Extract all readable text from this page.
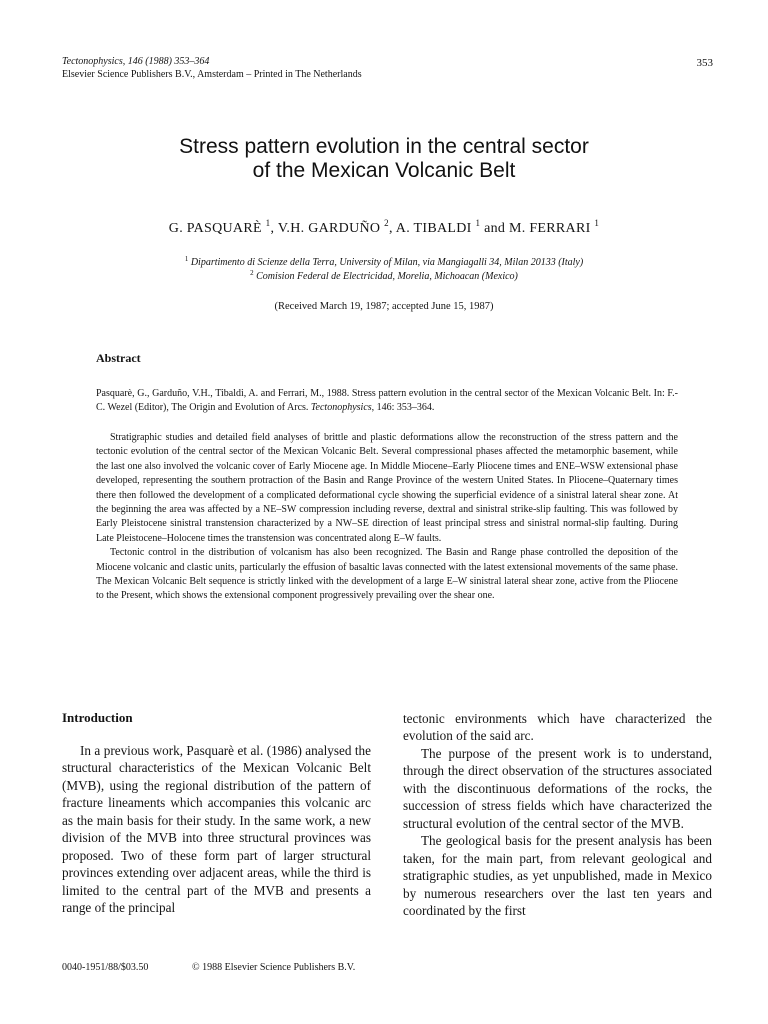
Tectonophysics, 146 (1988) 353–364
Elsevier Science Publishers B.V., Amsterdam – Printed in The Netherlands
353
Stress pattern evolution in the central sector
of the Mexican Volcanic Belt
G. PASQUARÈ $^1$, V.H. GARDUÑO $^2$, A. TIBALDI $^1$ and M. FERRARI $^1$
$^1$ Dipartimento di Scienze della Terra, University of Milan, via Mangiagalli 34, Milan 20133 (Italy)
$^2$ Comision Federal de Electricidad, Morelia, Michoacan (Mexico)
(Received March 19, 1987; accepted June 15, 1987)
Abstract

Pasquarè, G., Garduño, V.H., Tibaldi, A. and Ferrari, M., 1988. Stress pattern evolution in the central sector of the Mexican Volcanic Belt. In: F.-C. Wezel (Editor), The Origin and Evolution of Arcs. Tectonophysics, 146: 353–364.

Stratigraphic studies and detailed field analyses of brittle and plastic deformations allow the reconstruction of the stress pattern and the tectonic evolution of the central sector of the Mexican Volcanic Belt. Several compressional phases affected the metamorphic basement, while the last one also involved the volcanic cover of Early Miocene age. In Middle Miocene–Early Pliocene times and ENE–WSW extensional phase developed, representing the southern protraction of the Basin and Range Province of the western United States. In Pliocene–Quaternary times there then followed the development of a complicated deformational cycle showing the superficial evidence of a sinistral lateral shear zone. At the beginning the area was affected by a NE–SW compression including reverse, dextral and sinistral strike-slip faulting. This was followed by Early Pleistocene sinistral transtension characterized by a NW–SE direction of least principal stress and sinistral normal-slip faulting. During Late Pleistocene–Holocene times the transtension was concentrated along E–W faults.

Tectonic control in the distribution of volcanism has also been recognized. The Basin and Range phase controlled the deposition of the Miocene volcanic and clastic units, particularly the effusion of basaltic lavas connected with the latest extensional movements of the same phase. The Mexican Volcanic Belt sequence is strictly linked with the development of a large E–W sinistral lateral shear zone, active from the Pliocene to the Present, which shows the extensional component progressively prevailing over the shear one.

Introduction

In a previous work, Pasquarè et al. (1986) analysed the structural characteristics of the Mexican Volcanic Belt (MVB), using the regional distribution of the pattern of fracture lineaments which accompanies this volcanic arc as the main basis for their study. In the same work, a new division of the MVB into three structural provinces was proposed. Two of these form part of larger structural provinces extending over adjacent areas, while the third is limited to the central part of the MVB and presents a range of the principal

tectonic environments which have characterized the evolution of the said arc.

The purpose of the present work is to understand, through the direct observation of the structures associated with the discontinuous deformations of the rocks, the succession of stress fields which have characterized the structural evolution of the central sector of the MVB.

The geological basis for the present analysis has been taken, for the main part, from relevant geological and stratigraphic studies, as yet unpublished, made in Mexico by numerous researchers over the last ten years and coordinated by the first

0040-1951/88/$03.50	© 1988 Elsevier Science Publishers B.V.
